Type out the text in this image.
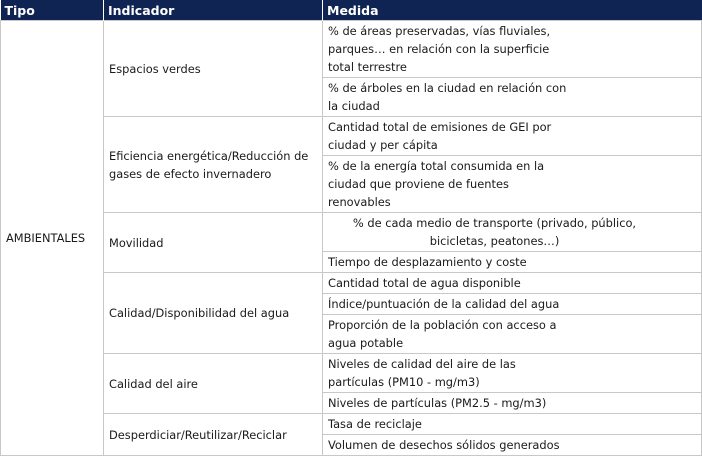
Tipo	Indicador	Medida
AMBIENTALES	Espacios verdes	% de áreas preservadas, vías fluviales, parques… en relación con la superficie total terrestre
		% de árboles en la ciudad en relación con la ciudad
	Eficiencia energética/Reducción de gases de efecto invernadero	Cantidad total de emisiones de GEI por ciudad y per cápita
		% de la energía total consumida en la ciudad que proviene de fuentes renovables
	Movilidad	% de cada medio de transporte (privado, público, bicicletas, peatones…)
		Tiempo de desplazamiento y coste
	Calidad/Disponibilidad del agua	Cantidad total de agua disponible
		Índice/puntuación de la calidad del agua
		Proporción de la población con acceso a agua potable
	Calidad del aire	Niveles de calidad del aire de las partículas (PM10 - mg/m3)
		Niveles de partículas (PM2.5 - mg/m3)
	Desperdiciar/Reutilizar/Reciclar	Tasa de reciclaje
		Volumen de desechos sólidos generados
